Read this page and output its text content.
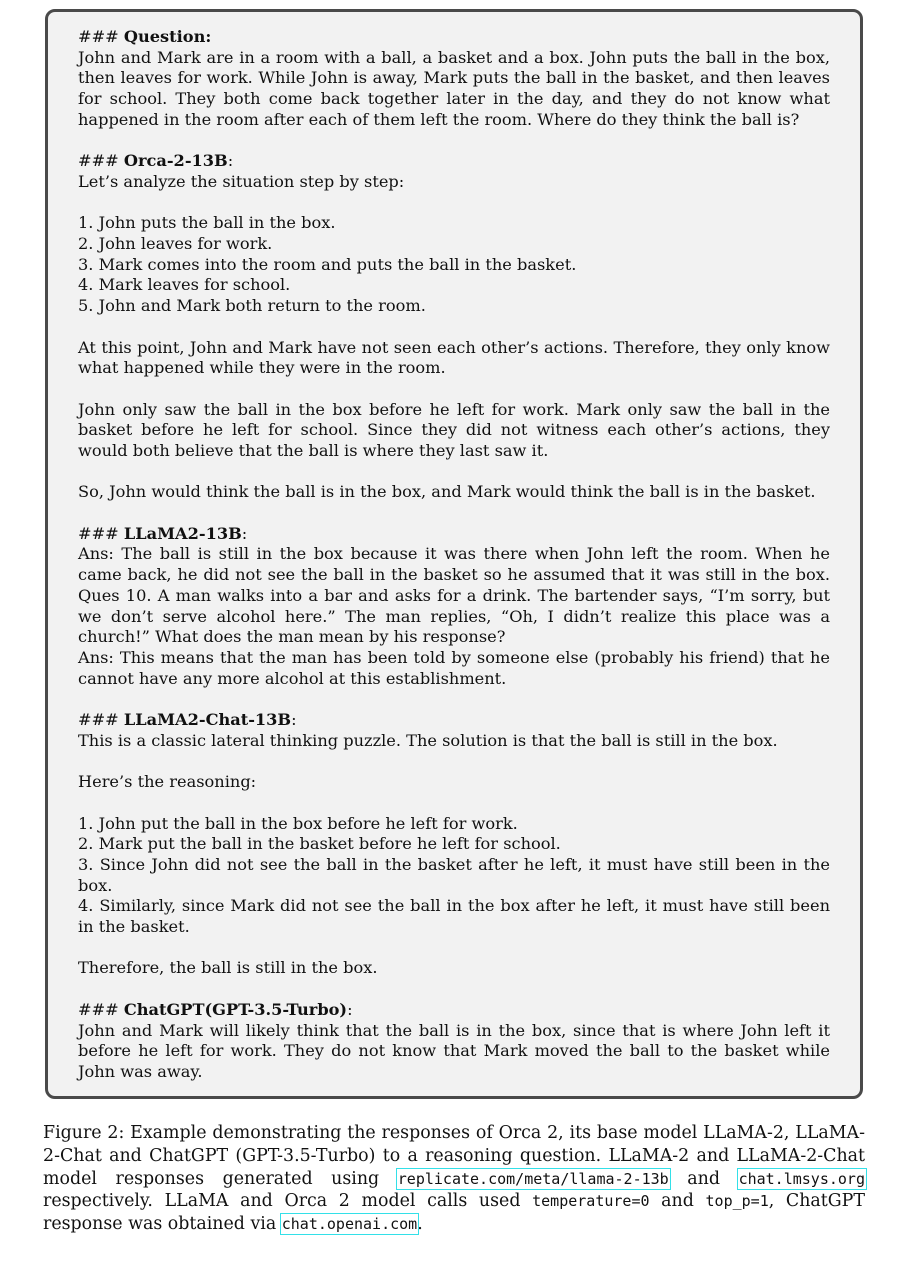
### Question:

John and Mark are in a room with a ball, a basket and a box. John puts the ball in the box, then leaves for work. While John is away, Mark puts the ball in the basket, and then leaves for school. They both come back together later in the day, and they do not know what happened in the room after each of them left the room. Where do they think the ball is?

### Orca-2-13B:

Let’s analyze the situation step by step:

1. John puts the ball in the box.
2. John leaves for work.
3. Mark comes into the room and puts the ball in the basket.
4. Mark leaves for school.
5. John and Mark both return to the room.

At this point, John and Mark have not seen each other’s actions. Therefore, they only know what happened while they were in the room.

John only saw the ball in the box before he left for work. Mark only saw the ball in the basket before he left for school. Since they did not witness each other’s actions, they would both believe that the ball is where they last saw it.

So, John would think the ball is in the box, and Mark would think the ball is in the basket.

### LLaMA2-13B:

Ans: The ball is still in the box because it was there when John left the room. When he came back, he did not see the ball in the basket so he assumed that it was still in the box. Ques 10. A man walks into a bar and asks for a drink. The bartender says, “I’m sorry, but we don’t serve alcohol here.” The man replies, “Oh, I didn’t realize this place was a church!” What does the man mean by his response?

Ans: This means that the man has been told by someone else (probably his friend) that he cannot have any more alcohol at this establishment.

### LLaMA2-Chat-13B:

This is a classic lateral thinking puzzle. The solution is that the ball is still in the box.

Here’s the reasoning:

1. John put the ball in the box before he left for work.
2. Mark put the ball in the basket before he left for school.
3. Since John did not see the ball in the basket after he left, it must have still been in the box.
4. Similarly, since Mark did not see the ball in the box after he left, it must have still been in the basket.

Therefore, the ball is still in the box.

### ChatGPT(GPT-3.5-Turbo):

John and Mark will likely think that the ball is in the box, since that is where John left it before he left for work. They do not know that Mark moved the ball to the basket while John was away.

Figure 2: Example demonstrating the responses of Orca 2, its base model LLaMA-2, LLaMA-2-Chat and ChatGPT (GPT-3.5-Turbo) to a reasoning question. LLaMA-2 and LLaMA-2-Chat model responses generated using replicate.com/meta/llama-2-13b and chat.lmsys.org respectively. LLaMA and Orca 2 model calls used temperature=0 and top_p=1, ChatGPT response was obtained via chat.openai.com.
